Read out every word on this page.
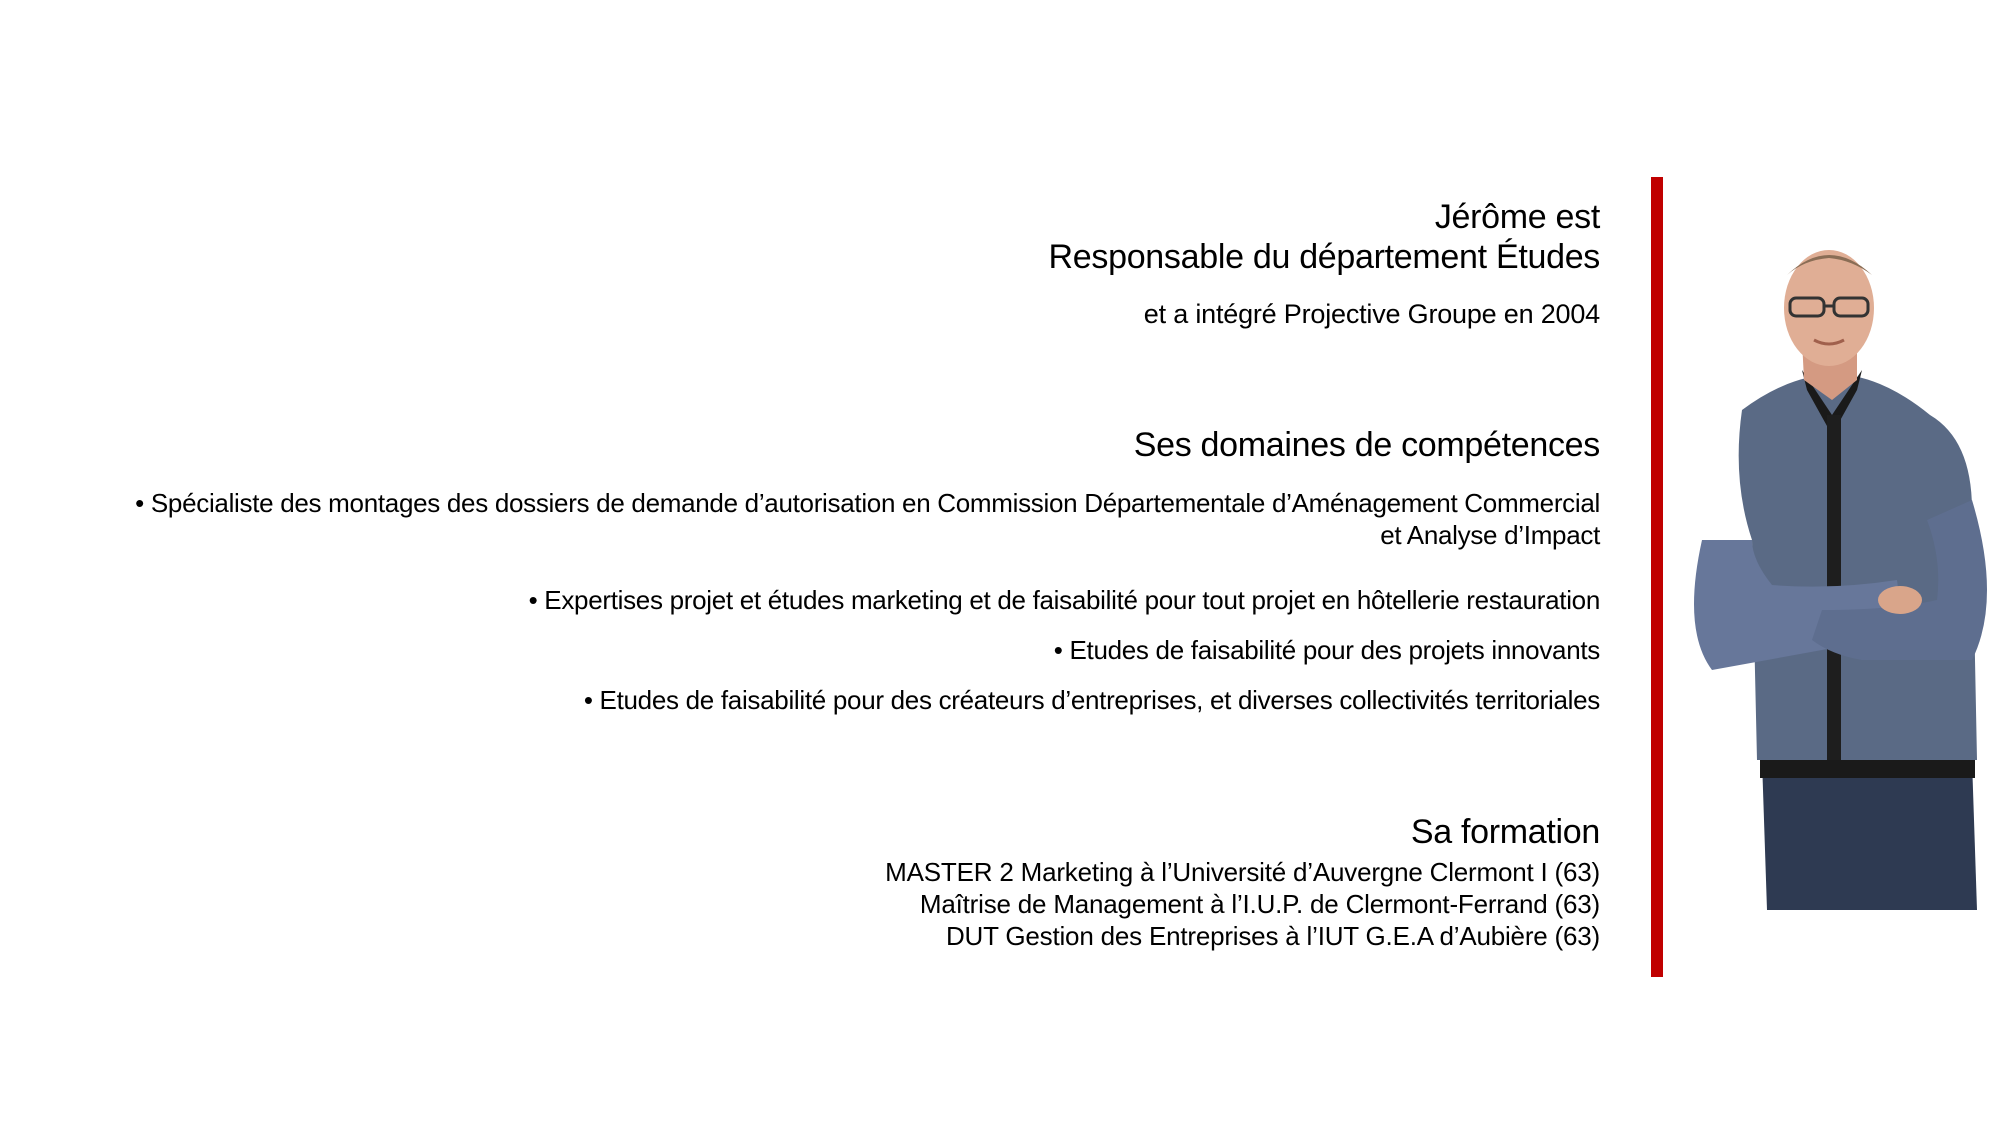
Jérôme est
Responsable du département Études
et a intégré Projective Groupe en 2004
Ses domaines de compétences
• Spécialiste des montages des dossiers de demande d’autorisation en Commission Départementale d’Aménagement Commercial
et Analyse d’Impact
• Expertises projet et études marketing et de faisabilité pour tout projet en hôtellerie restauration
• Etudes de faisabilité pour des projets innovants
• Etudes de faisabilité pour des créateurs d’entreprises, et diverses collectivités territoriales
Sa formation
MASTER 2 Marketing à l’Université d’Auvergne Clermont I (63)
Maîtrise de Management à l’I.U.P. de Clermont-Ferrand (63)
DUT Gestion des Entreprises à l’IUT G.E.A d’Aubière (63)
